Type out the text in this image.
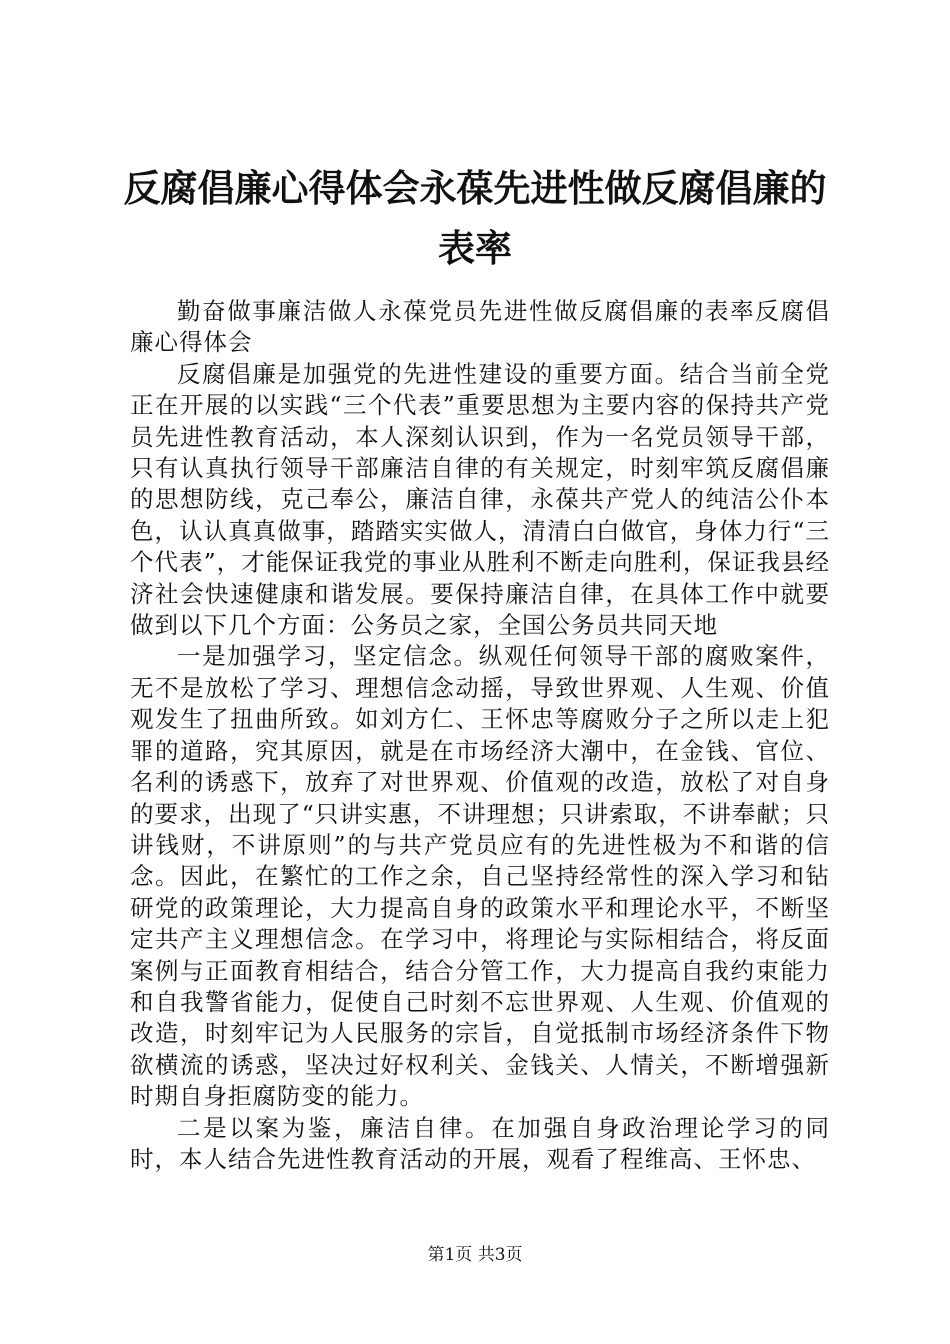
反腐倡廉心得体会永葆先进性做反腐倡廉的表率

勤奋做事廉洁做人永葆党员先进性做反腐倡廉的表率反腐倡廉心得体会

反腐倡廉是加强党的先进性建设的重要方面。结合当前全党正在开展的以实践“三个代表”重要思想为主要内容的保持共产党员先进性教育活动，本人深刻认识到，作为一名党员领导干部，只有认真执行领导干部廉洁自律的有关规定，时刻牢筑反腐倡廉的思想防线，克己奉公，廉洁自律，永葆共产党人的纯洁公仆本色，认认真真做事，踏踏实实做人，清清白白做官，身体力行“三个代表”，才能保证我党的事业从胜利不断走向胜利，保证我县经济社会快速健康和谐发展。要保持廉洁自律，在具体工作中就要做到以下几个方面：公务员之家，全国公务员共同天地

一是加强学习，坚定信念。纵观任何领导干部的腐败案件，无不是放松了学习、理想信念动摇，导致世界观、人生观、价值观发生了扭曲所致。如刘方仁、王怀忠等腐败分子之所以走上犯罪的道路，究其原因，就是在市场经济大潮中，在金钱、官位、名利的诱惑下，放弃了对世界观、价值观的改造，放松了对自身的要求，出现了“只讲实惠，不讲理想；只讲索取，不讲奉献；只讲钱财，不讲原则”的与共产党员应有的先进性极为不和谐的信念。因此，在繁忙的工作之余，自己坚持经常性的深入学习和钻研党的政策理论，大力提高自身的政策水平和理论水平，不断坚定共产主义理想信念。在学习中，将理论与实际相结合，将反面案例与正面教育相结合，结合分管工作，大力提高自我约束能力和自我警省能力，促使自己时刻不忘世界观、人生观、价值观的改造，时刻牢记为人民服务的宗旨，自觉抵制市场经济条件下物欲横流的诱惑，坚决过好权利关、金钱关、人情关，不断增强新时期自身拒腐防变的能力。

二是以案为鉴，廉洁自律。在加强自身政治理论学习的同时，本人结合先进性教育活动的开展，观看了程维高、王怀忠、

第1页 共3页
